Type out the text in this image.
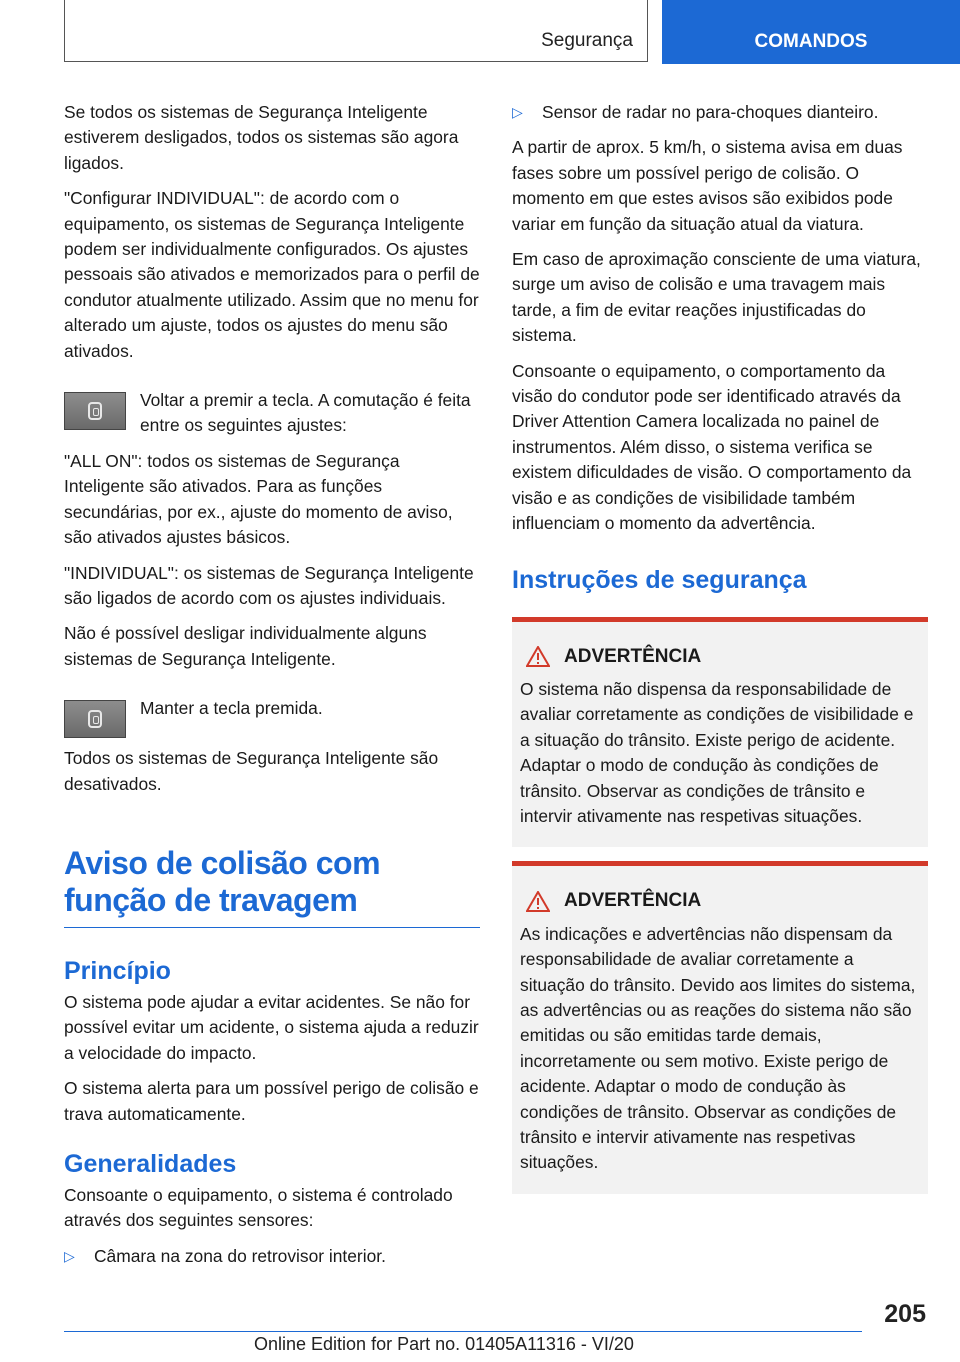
Segurança	COMANDOS

Se todos os sistemas de Segurança Inteligente estiverem desligados, todos os sistemas são agora ligados.

"Configurar INDIVIDUAL": de acordo com o equipamento, os sistemas de Segurança Inteligente podem ser individualmente configurados. Os ajustes pessoais são ativados e memorizados para o perfil de condutor atualmente utilizado. Assim que no menu for alterado um ajuste, todos os ajustes do menu são ativados.

Voltar a premir a tecla. A comutação é feita entre os seguintes ajustes:

"ALL ON": todos os sistemas de Segurança Inteligente são ativados. Para as funções secundárias, por ex., ajuste do momento de aviso, são ativados ajustes básicos.

"INDIVIDUAL": os sistemas de Segurança Inteligente são ligados de acordo com os ajustes individuais.

Não é possível desligar individualmente alguns sistemas de Segurança Inteligente.

Manter a tecla premida.

Todos os sistemas de Segurança Inteligente são desativados.

Aviso de colisão com função de travagem
Princípio

O sistema pode ajudar a evitar acidentes. Se não for possível evitar um acidente, o sistema ajuda a reduzir a velocidade do impacto.

O sistema alerta para um possível perigo de colisão e trava automaticamente.

Generalidades

Consoante o equipamento, o sistema é controlado através dos seguintes sensores:

▷	Câmara na zona do retrovisor interior.
▷	Sensor de radar no para-choques dianteiro.

A partir de aprox. 5 km/h, o sistema avisa em duas fases sobre um possível perigo de colisão. O momento em que estes avisos são exibidos pode variar em função da situação atual da viatura.

Em caso de aproximação consciente de uma viatura, surge um aviso de colisão e uma travagem mais tarde, a fim de evitar reações injustificadas do sistema.

Consoante o equipamento, o comportamento da visão do condutor pode ser identificado através da Driver Attention Camera localizada no painel de instrumentos. Além disso, o sistema verifica se existem dificuldades de visão. O comportamento da visão e as condições de visibilidade também influenciam o momento da advertência.

Instruções de segurança
ADVERTÊNCIA
O sistema não dispensa da responsabilidade de avaliar corretamente as condições de visibilidade e a situação do trânsito. Existe perigo de acidente. Adaptar o modo de condução às condições de trânsito. Observar as condições de trânsito e intervir ativamente nas respetivas situações.
ADVERTÊNCIA
As indicações e advertências não dispensam da responsabilidade de avaliar corretamente a situação do trânsito. Devido aos limites do sistema, as advertências ou as reações do sistema não são emitidas ou são emitidas tarde demais, incorretamente ou sem motivo. Existe perigo de acidente. Adaptar o modo de condução às condições de trânsito. Observar as condições de trânsito e intervir ativamente nas respetivas situações.
205
Online Edition for Part no. 01405A11316 - VI/20
